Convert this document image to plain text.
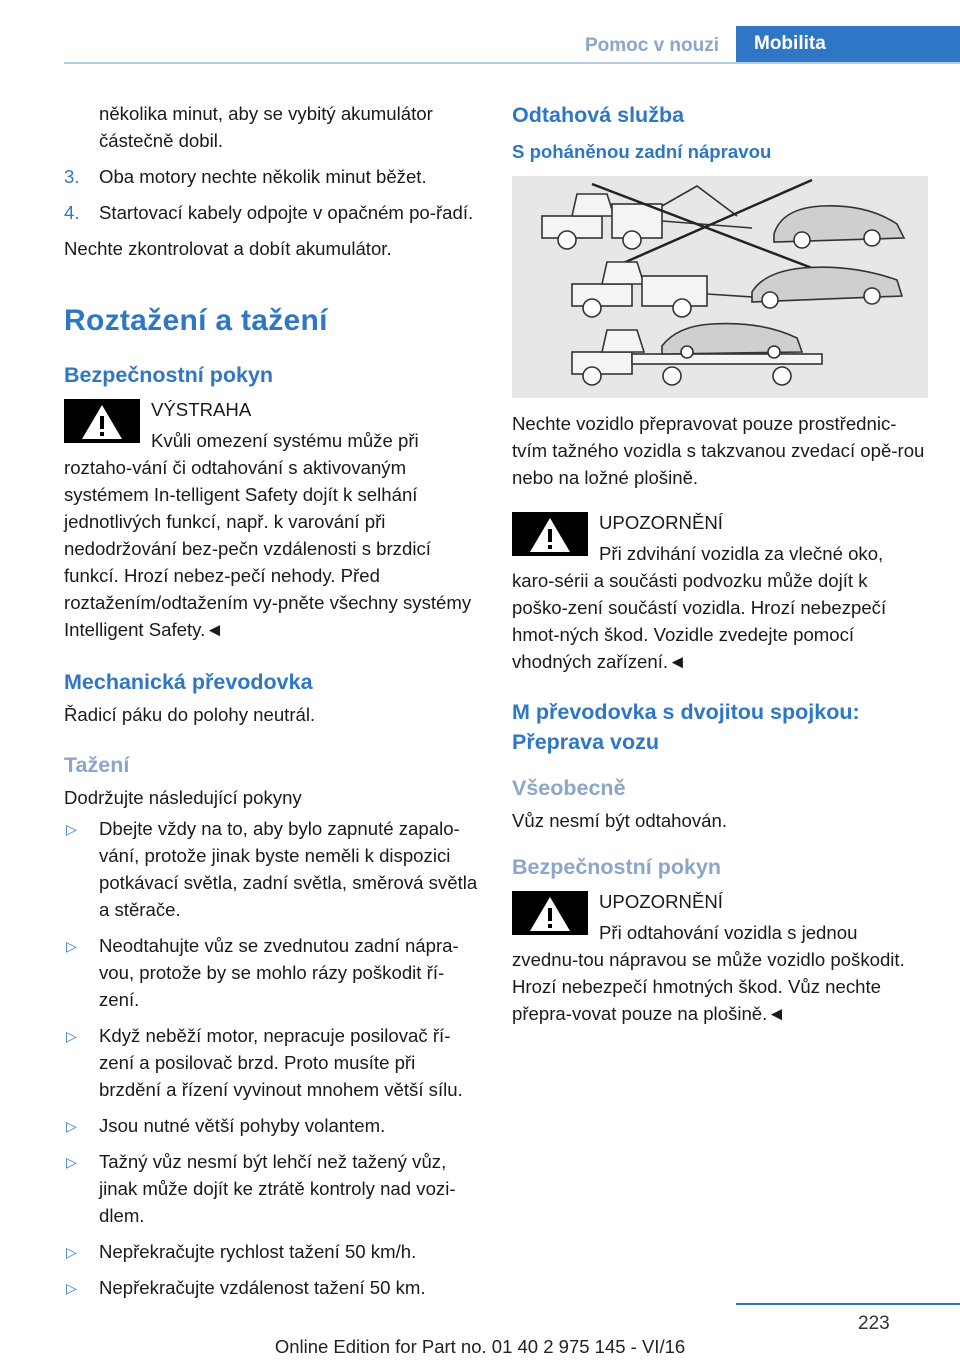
Pomoc v nouzi	Mobilita

několika minut, aby se vybitý akumulátor částečně dobil.

3. Oba motory nechte několik minut běžet.

4. Startovací kabely odpojte v opačném po‐řadí.

Nechte zkontrolovat a dobít akumulátor.

Roztažení a tažení
Bezpečnostní pokyn
VÝSTRAHA

Kvůli omezení systému může při roztaho‐vání či odtahování s aktivovaným systémem In‐telligent Safety dojít k selhání jednotlivých funkcí, např. k varování při nedodržování bez‐pečn vzdálenosti s brzdicí funkcí. Hrozí nebez‐pečí nehody. Před roztažením/odtažením vy‐pněte všechny systémy Intelligent Safety.◄

Mechanická převodovka

Řadicí páku do polohy neutrál.

Tažení

Dodržujte následující pokyny

▷ Dbejte vždy na to, aby bylo zapnuté zapalo‐vání, protože jinak byste neměli k dispozici potkávací světla, zadní světla, směrová světla a stěrače.
▷ Neodtahujte vůz se zvednutou zadní nápra‐vou, protože by se mohlo rázy poškodit ří‐zení.
▷ Když neběží motor, nepracuje posilovač ří‐zení a posilovač brzd. Proto musíte při brzdění a řízení vyvinout mnohem větší sílu.
▷ Jsou nutné větší pohyby volantem.
▷ Tažný vůz nesmí být lehčí než tažený vůz, jinak může dojít ke ztrátě kontroly nad vozi‐dlem.
▷ Nepřekračujte rychlost tažení 50 km/h.
▷ Nepřekračujte vzdálenost tažení 50 km.
Odtahová služba
S poháněnou zadní nápravou

Nechte vozidlo přepravovat pouze prostřednic‐tvím tažného vozidla s takzvanou zvedací opě‐rou nebo na ložné plošině.

UPOZORNĚNÍ

Při zdvihání vozidla za vlečné oko, karo‐sérii a součásti podvozku může dojít k poško‐zení součástí vozidla. Hrozí nebezpečí hmot‐ných škod. Vozidle zvedejte pomocí vhodných zařízení.◄

M převodovka s dvojitou spojkou: Přeprava vozu
Všeobecně

Vůz nesmí být odtahován.

Bezpečnostní pokyn
UPOZORNĚNÍ

Při odtahování vozidla s jednou zvednu‐tou nápravou se může vozidlo poškodit. Hrozí nebezpečí hmotných škod. Vůz nechte přepra‐vovat pouze na plošině.◄

223
Online Edition for Part no. 01 40 2 975 145 - VI/16
